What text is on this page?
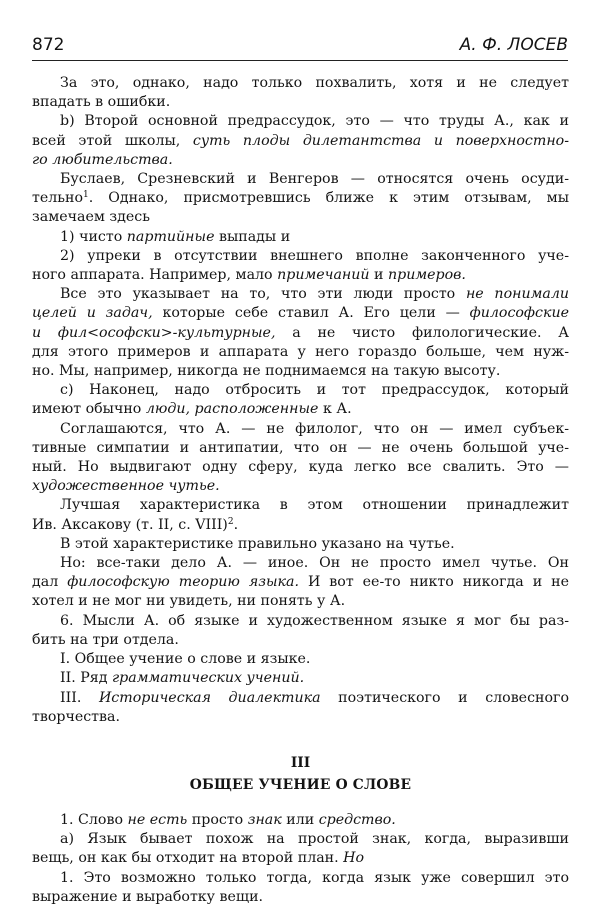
872	А. Ф. ЛОСЕВ

За это, однако, надо только похвалить, хотя и не следует
впадать в ошибки.

b) Второй основной предрассудок, это — что труды А., как и
всей этой школы, суть плоды дилетантства и поверхностно-
го любительства.

Буслаев, Срезневский и Венгеров — относятся очень осуди-
тельно$^1$. Однако, присмотревшись ближе к этим отзывам, мы
замечаем здесь

1) чисто партийные выпады и

2) упреки в отсутствии внешнего вполне законченного уче-
ного аппарата. Например, мало примечаний и примеров.

Все это указывает на то, что эти люди просто не понимали
целей и задач, которые себе ставил А. Его цели — философские
и фил<ософски>-культурные, а не чисто филологические. А
для этого примеров и аппарата у него гораздо больше, чем нуж-
но. Мы, например, никогда не поднимаемся на такую высоту.

c) Наконец, надо отбросить и тот предрассудок, который
имеют обычно люди, расположенные к А.

Соглашаются, что А. — не филолог, что он — имел субъек-
тивные симпатии и антипатии, что он — не очень большой уче-
ный. Но выдвигают одну сферу, куда легко все свалить. Это —
художественное чутье.

Лучшая характеристика в этом отношении принадлежит
Ив. Аксакову (т. II, с. VIII)$^2$.

В этой характеристике правильно указано на чутье.

Но: все-таки дело А. — иное. Он не просто имел чутье. Он
дал философскую теорию языка. И вот ее-то никто никогда и не
хотел и не мог ни увидеть, ни понять у А.

6. Мысли А. об языке и художественном языке я мог бы раз-
бить на три отдела.

I. Общее учение о слове и языке.

II. Ряд грамматических учений.

III. Историческая диалектика поэтического и словесного
творчества.

III
ОБЩЕЕ УЧЕНИЕ О СЛОВЕ

1. Слово не есть просто знак или средство.

а) Язык бывает похож на простой знак, когда, выразивши
вещь, он как бы отходит на второй план. Но

1. Это возможно только тогда, когда язык уже совершил это
выражение и выработку вещи.
